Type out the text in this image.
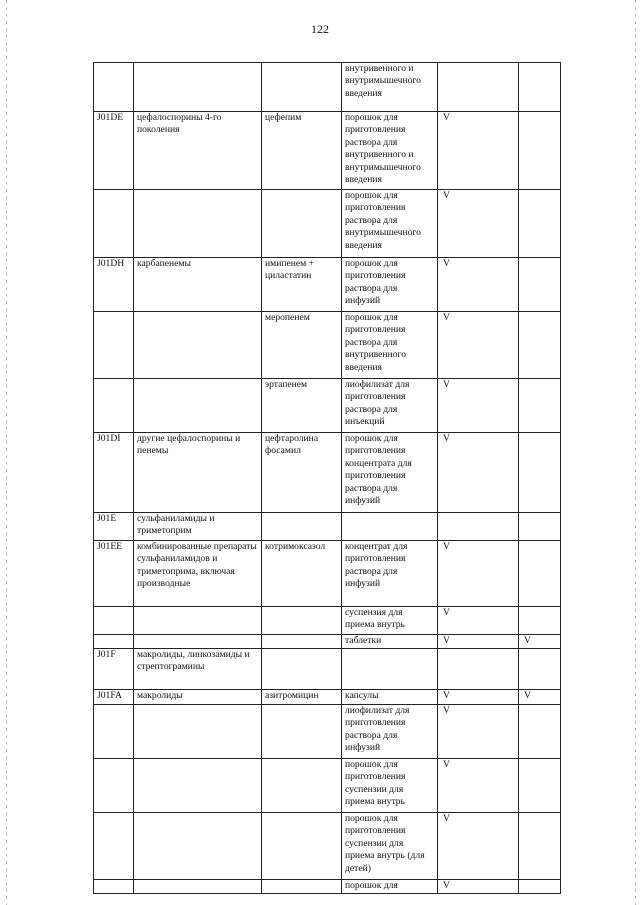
122
			внутривенного и внутримышечного введения		
J01DE	цефалоспорины 4-го поколения	цефепим	порошок для приготовления раствора для внутривенного и внутримышечного введения	V	
			порошок для приготовления раствора для внутримышечного введения	V	
J01DH	карбапенемы	имипенем + циластатин	порошок для приготовления раствора для инфузий	V	
		меропенем	порошок для приготовления раствора для внутривенного введения	V	
		эртапенем	лиофилизат для приготовления раствора для инъекций	V	
J01DI	другие цефалоспорины и пенемы	цефтаролина фосамил	порошок для приготовления концентрата для приготовления раствора для инфузий	V	
J01E	сульфаниламиды и триметоприм				
J01EE	комбинированные препараты сульфаниламидов и триметоприма, включая производные	котримоксазол	концентрат для приготовления раствора для инфузий	V	
			суспензия для приема внутрь	V	
			таблетки	V	V
J01F	макролиды, линкозамиды и стрептограмины				
J01FA	макролиды	азитромицин	капсулы	V	V
			лиофилизат для приготовления раствора для инфузий	V	
			порошок для приготовления суспензии для приема внутрь	V	
			порошок для приготовления суспензии для приема внутрь (для детей)	V	
			порошок для	V	
